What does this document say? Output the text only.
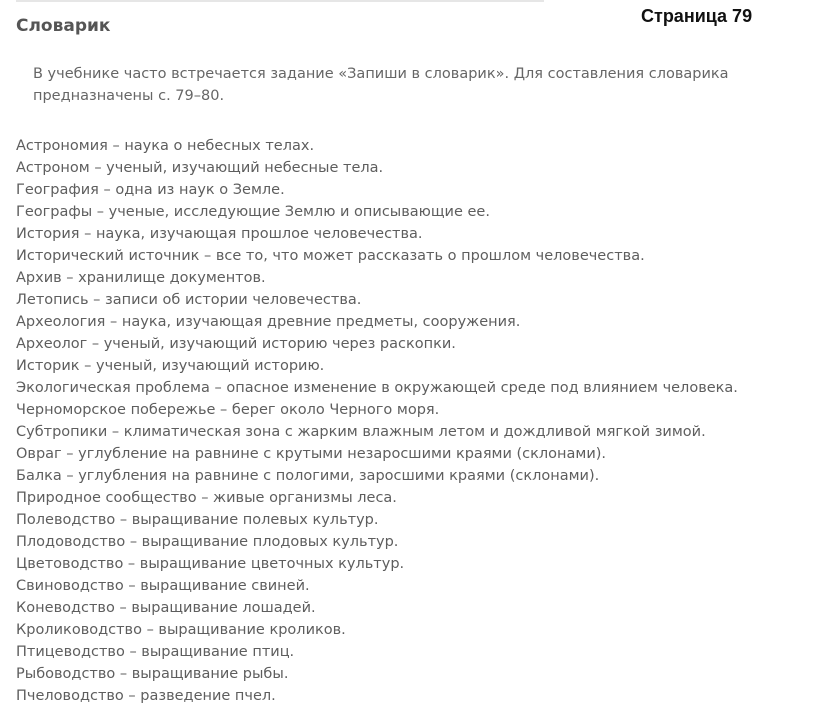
Страница 79
Словарик
В учебнике часто встречается задание «Запиши в словарик». Для составления словарика предназначены с. 79–80.
Астрономия – наука о небесных телах.
Астроном – ученый, изучающий небесные тела.
География – одна из наук о Земле.
Географы – ученые, исследующие Землю и описывающие ее.
История – наука, изучающая прошлое человечества.
Исторический источник – все то, что может рассказать о прошлом человечества.
Архив – хранилище документов.
Летопись – записи об истории человечества.
Археология – наука, изучающая древние предметы, сооружения.
Археолог – ученый, изучающий историю через раскопки.
Историк – ученый, изучающий историю.
Экологическая проблема – опасное изменение в окружающей среде под влиянием человека.
Черноморское побережье – берег около Черного моря.
Субтропики – климатическая зона с жарким влажным летом и дождливой мягкой зимой.
Овраг – углубление на равнине с крутыми незаросшими краями (склонами).
Балка – углубления на равнине с пологими, заросшими краями (склонами).
Природное сообщество – живые организмы леса.
Полеводство – выращивание полевых культур.
Плодоводство – выращивание плодовых культур.
Цветоводство – выращивание цветочных культур.
Свиноводство – выращивание свиней.
Коневодство – выращивание лошадей.
Кролиководство – выращивание кроликов.
Птицеводство – выращивание птиц.
Рыбоводство – выращивание рыбы.
Пчеловодство – разведение пчел.
